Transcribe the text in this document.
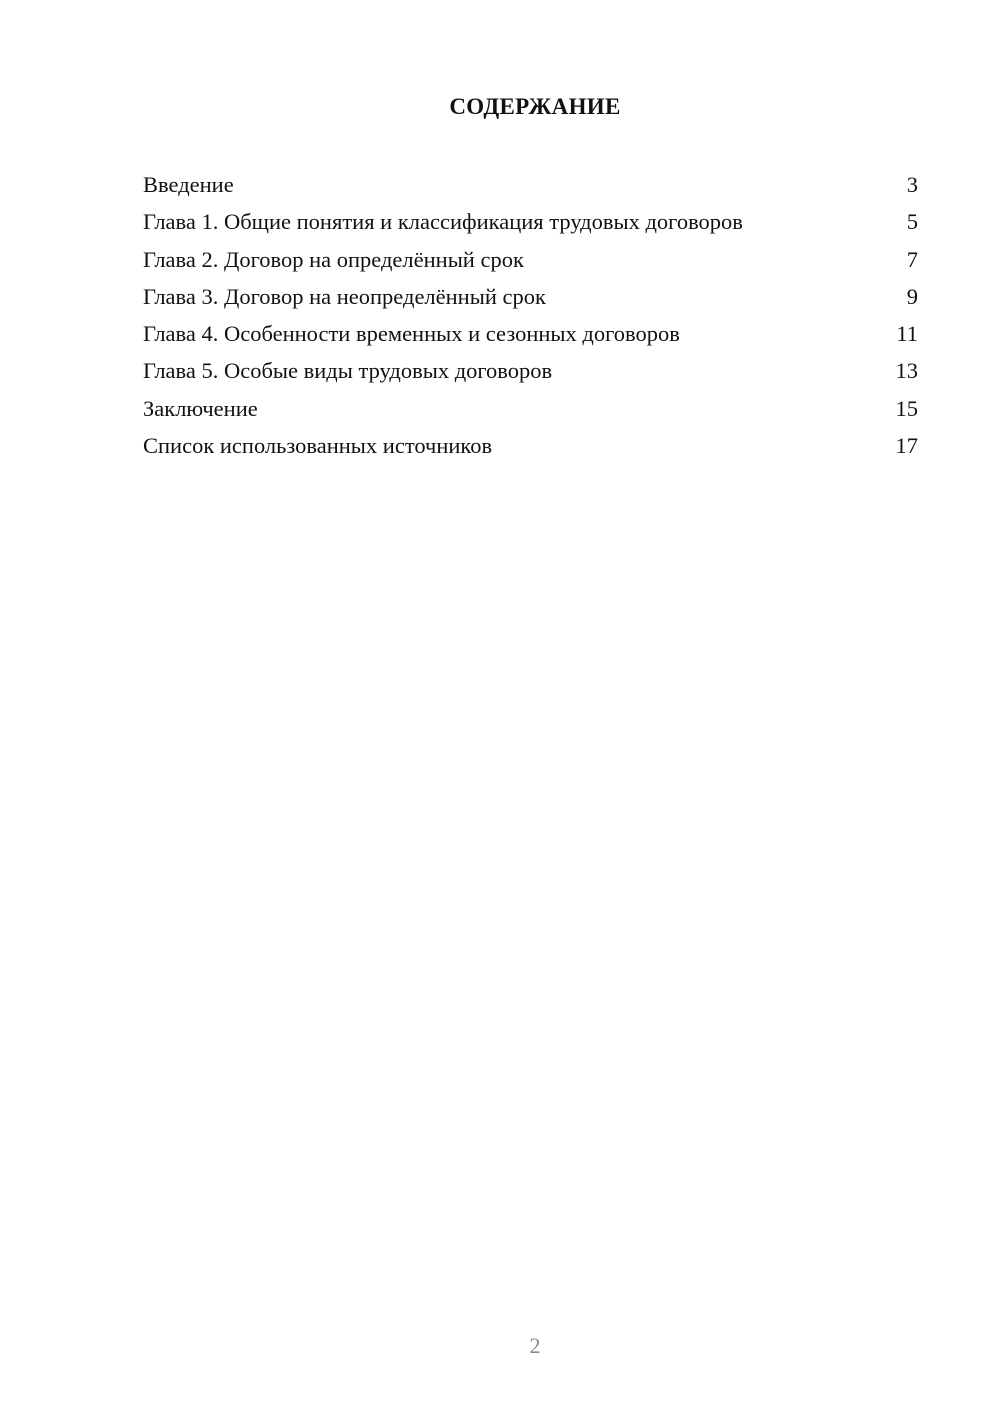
СОДЕРЖАНИЕ
Введение	3
Глава 1. Общие понятия и классификация трудовых договоров	5
Глава 2. Договор на определённый срок	7
Глава 3. Договор на неопределённый срок	9
Глава 4. Особенности временных и сезонных договоров	11
Глава 5. Особые виды трудовых договоров	13
Заключение	15
Список использованных источников	17

2
